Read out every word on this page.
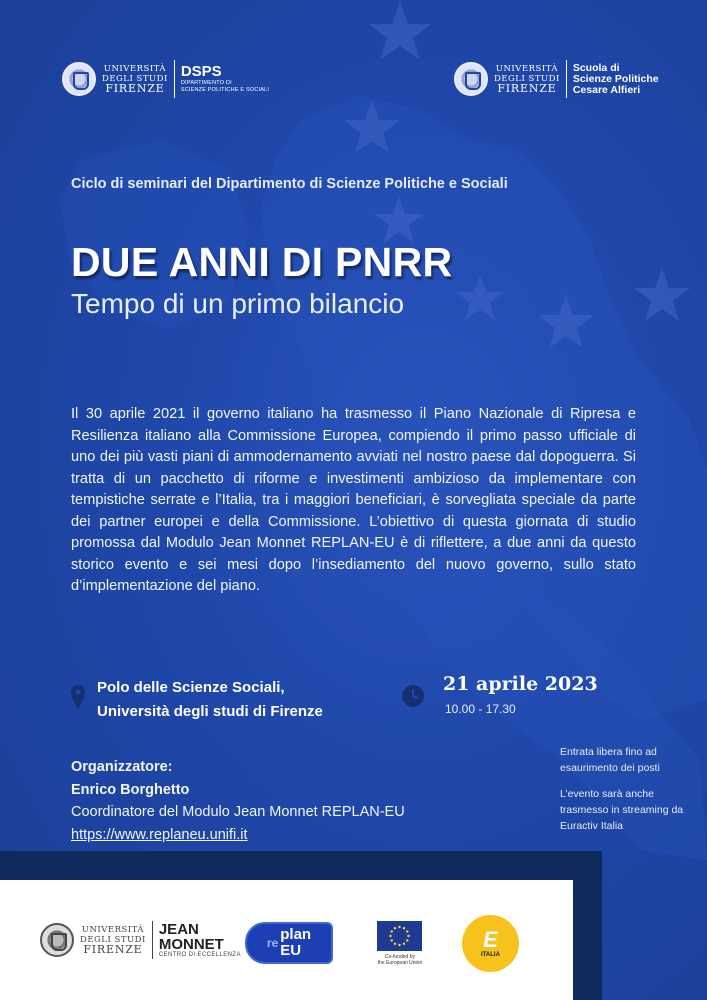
UNIVERSITÀ
DEGLI STUDI
FIRENZE
DSPS
DIPARTIMENTO DI
SCIENZE POLITICHE E SOCIALI
UNIVERSITÀ
DEGLI STUDI
FIRENZE
Scuola di
Scienze Politiche
Cesare Alfieri
Ciclo di seminari del Dipartimento di Scienze Politiche e Sociali
DUE ANNI DI PNRR
Tempo di un primo bilancio

Il 30 aprile 2021 il governo italiano ha trasmesso il Piano Nazionale di Ripresa e Resilienza italiano alla Commissione Europea, compiendo il primo passo ufficiale di uno dei più vasti piani di ammodernamento avviati nel nostro paese dal dopoguerra. Si tratta di un pacchetto di riforme e investimenti ambizioso da implementare con tempistiche serrate e l’Italia, tra i maggiori beneficiari, è sorvegliata speciale da parte dei partner europei e della Commissione. L’obiettivo di questa giornata di studio promossa dal Modulo Jean Monnet REPLAN-EU è di riflettere, a due anni da questo storico evento e sei mesi dopo l’insediamento del nuovo governo, sullo stato d’implementazione del piano.

Polo delle Scienze Sociali,
Università degli studi di Firenze
21 aprile 2023
10.00 - 17.30
Organizzatore:
Enrico Borghetto
Coordinatore del Modulo Jean Monnet REPLAN-EU
https://www.replaneu.unifi.it

Entrata libera fino ad esaurimento dei posti

L’evento sarà anche trasmesso in streaming da Euractiv Italia

UNIVERSITÀ
DEGLI STUDI
FIRENZE
JEAN
MONNET
CENTRO DI ECCELLENZA
re plan
EU	Co-funded by
the European Union
E
ITALIA
